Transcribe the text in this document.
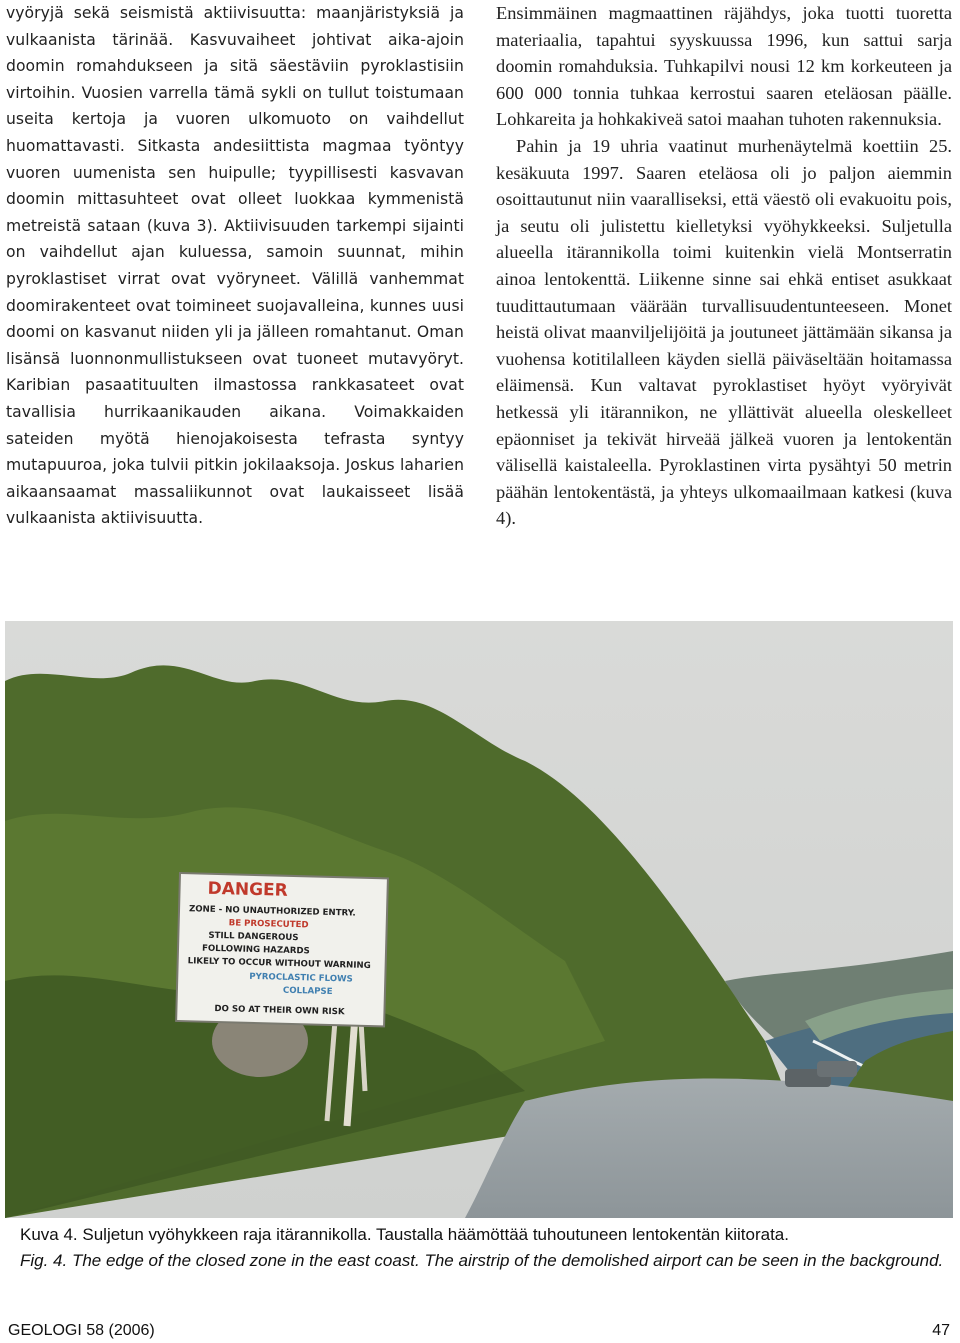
vyöryjä sekä seismistä aktiivisuutta: maanjäristyksiä ja vulkaanista tärinää. Kasvuvaiheet johtivat aika-ajoin doomin romahdukseen ja sitä säestäviin pyroklastisiin virtoihin. Vuosien varrella tämä sykli on tullut toistumaan useita kertoja ja vuoren ulkomuoto on vaihdellut huomattavasti. Sitkasta andesiittista magmaa työntyy vuoren uumenista sen huipulle; tyypillisesti kasvavan doomin mittasuhteet ovat olleet luokkaa kymmenistä metreistä sataan (kuva 3). Aktiivisuuden tarkempi sijainti on vaihdellut ajan kuluessa, samoin suunnat, mihin pyroklastiset virrat ovat vyöryneet. Välillä vanhemmat doomirakenteet ovat toimineet suojavalleina, kunnes uusi doomi on kasvanut niiden yli ja jälleen romahtanut. Oman lisänsä luonnonmullistukseen ovat tuoneet mutavyöryt. Karibian pasaatituulten ilmastossa rankkasateet ovat tavallisia hurrikaanikauden aikana. Voimakkaiden sateiden myötä hienojakoisesta tefrasta syntyy mutapuuroa, joka tulvii pitkin jokilaaksoja. Joskus laharien aikaansaamat massaliikunnot ovat laukaisseet lisää vulkaanista aktiivisuutta.

Ensimmäinen magmaattinen räjähdys, joka tuotti tuoretta materiaalia, tapahtui syyskuussa 1996, kun sattui sarja doomin romahduksia. Tuhkapilvi nousi 12 km korkeuteen ja 600 000 tonnia tuhkaa kerrostui saaren eteläosan päälle. Lohkareita ja hohkakiveä satoi maahan tuhoten rakennuksia.

Pahin ja 19 uhria vaatinut murhenäytelmä koettiin 25. kesäkuuta 1997. Saaren eteläosa oli jo paljon aiemmin osoittautunut niin vaaralliseksi, että väestö oli evakuoitu pois, ja seutu oli julistettu kielletyksi vyöhykkeeksi. Suljetulla alueella itärannikolla toimi kuitenkin vielä Montserratin ainoa lentokenttä. Liikenne sinne sai ehkä entiset asukkaat tuudittautumaan väärään turvallisuudentunteeseen. Monet heistä olivat maanviljelijöitä ja joutuneet jättämään sikansa ja vuohensa kotitilalleen käyden siellä päiväseltään hoitamassa eläimensä. Kun valtavat pyroklastiset hyöyt vyöryivät hetkessä yli itärannikon, ne yllättivät alueella oleskelleet epäonniset ja tekivät hirveää jälkeä vuoren ja lentokentän välisellä kaistaleella. Pyroklastinen virta pysähtyi 50 metrin päähän lentokentästä, ja yhteys ulkomaailmaan katkesi (kuva 4).

DANGER
ZONE - NO UNAUTHORIZED ENTRY.
BE PROSECUTED
STILL DANGEROUS
FOLLOWING HAZARDS
LIKELY TO OCCUR WITHOUT WARNING
PYROCLASTIC FLOWS
COLLAPSE
DO SO AT THEIR OWN RISK

Kuva 4. Suljetun vyöhykkeen raja itärannikolla. Taustalla häämöttää tuhoutuneen lentokentän kiitorata.

Fig. 4. The edge of the closed zone in the east coast. The airstrip of the demolished airport can be seen in the background.

GEOLOGI 58 (2006)	47
